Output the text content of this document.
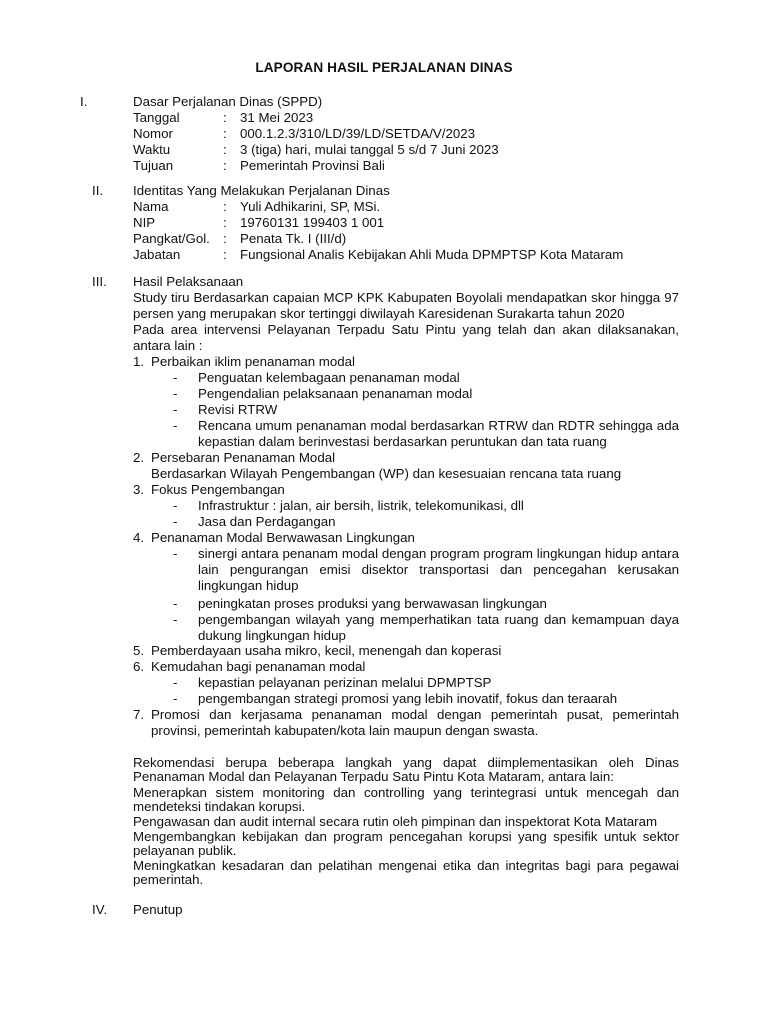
LAPORAN HASIL PERJALANAN DINAS
I.	Dasar Perjalanan Dinas (SPPD)
Tanggal	: 31 Mei 2023
Nomor	: 000.1.2.3/310/LD/39/LD/SETDA/V/2023
Waktu	: 3 (tiga) hari, mulai tanggal 5 s/d 7 Juni 2023
Tujuan	: Pemerintah Provinsi Bali
II. Identitas Yang Melakukan Perjalanan Dinas
Nama	: Yuli Adhikarini, SP, MSi.
NIP	: 19760131 199403 1 001
Pangkat/Gol. : Penata Tk. I (III/d)
Jabatan	: Fungsional Analis Kebijakan Ahli Muda DPMPTSP Kota Mataram
III. Hasil Pelaksanaan
Study tiru Berdasarkan capaian MCP KPK Kabupaten Boyolali mendapatkan skor hingga 97 persen yang merupakan skor tertinggi diwilayah Karesidenan Surakarta tahun 2020
Pada area intervensi Pelayanan Terpadu Satu Pintu yang telah dan akan dilaksanakan, antara lain :
1. Perbaikan iklim penanaman modal
- Penguatan kelembagaan penanaman modal
- Pengendalian pelaksanaan penanaman modal
- Revisi RTRW
- Rencana umum penanaman modal berdasarkan RTRW dan RDTR sehingga ada kepastian dalam berinvestasi berdasarkan peruntukan dan tata ruang
2. Persebaran Penanaman Modal
Berdasarkan Wilayah Pengembangan (WP) dan kesesuaian rencana tata ruang
3. Fokus Pengembangan
- Infrastruktur : jalan, air bersih, listrik, telekomunikasi, dll
- Jasa dan Perdagangan
4. Penanaman Modal Berwawasan Lingkungan
- sinergi antara penanam modal dengan program program lingkungan hidup antara lain pengurangan emisi disektor transportasi dan pencegahan kerusakan lingkungan hidup
- peningkatan proses produksi yang berwawasan lingkungan
- pengembangan wilayah yang memperhatikan tata ruang dan kemampuan daya dukung lingkungan hidup
5. Pemberdayaan usaha mikro, kecil, menengah dan koperasi
6. Kemudahan bagi penanaman modal
- kepastian pelayanan perizinan melalui DPMPTSP
- pengembangan strategi promosi yang lebih inovatif, fokus dan teraarah
7. Promosi dan kerjasama penanaman modal dengan pemerintah pusat, pemerintah provinsi, pemerintah kabupaten/kota lain maupun dengan swasta.
Rekomendasi berupa beberapa langkah yang dapat diimplementasikan oleh Dinas Penanaman Modal dan Pelayanan Terpadu Satu Pintu Kota Mataram, antara lain:
Menerapkan sistem monitoring dan controlling yang terintegrasi untuk mencegah dan mendeteksi tindakan korupsi.
Pengawasan dan audit internal secara rutin oleh pimpinan dan inspektorat Kota Mataram
Mengembangkan kebijakan dan program pencegahan korupsi yang spesifik untuk sektor pelayanan publik.
Meningkatkan kesadaran dan pelatihan mengenai etika dan integritas bagi para pegawai pemerintah.
IV. Penutup
